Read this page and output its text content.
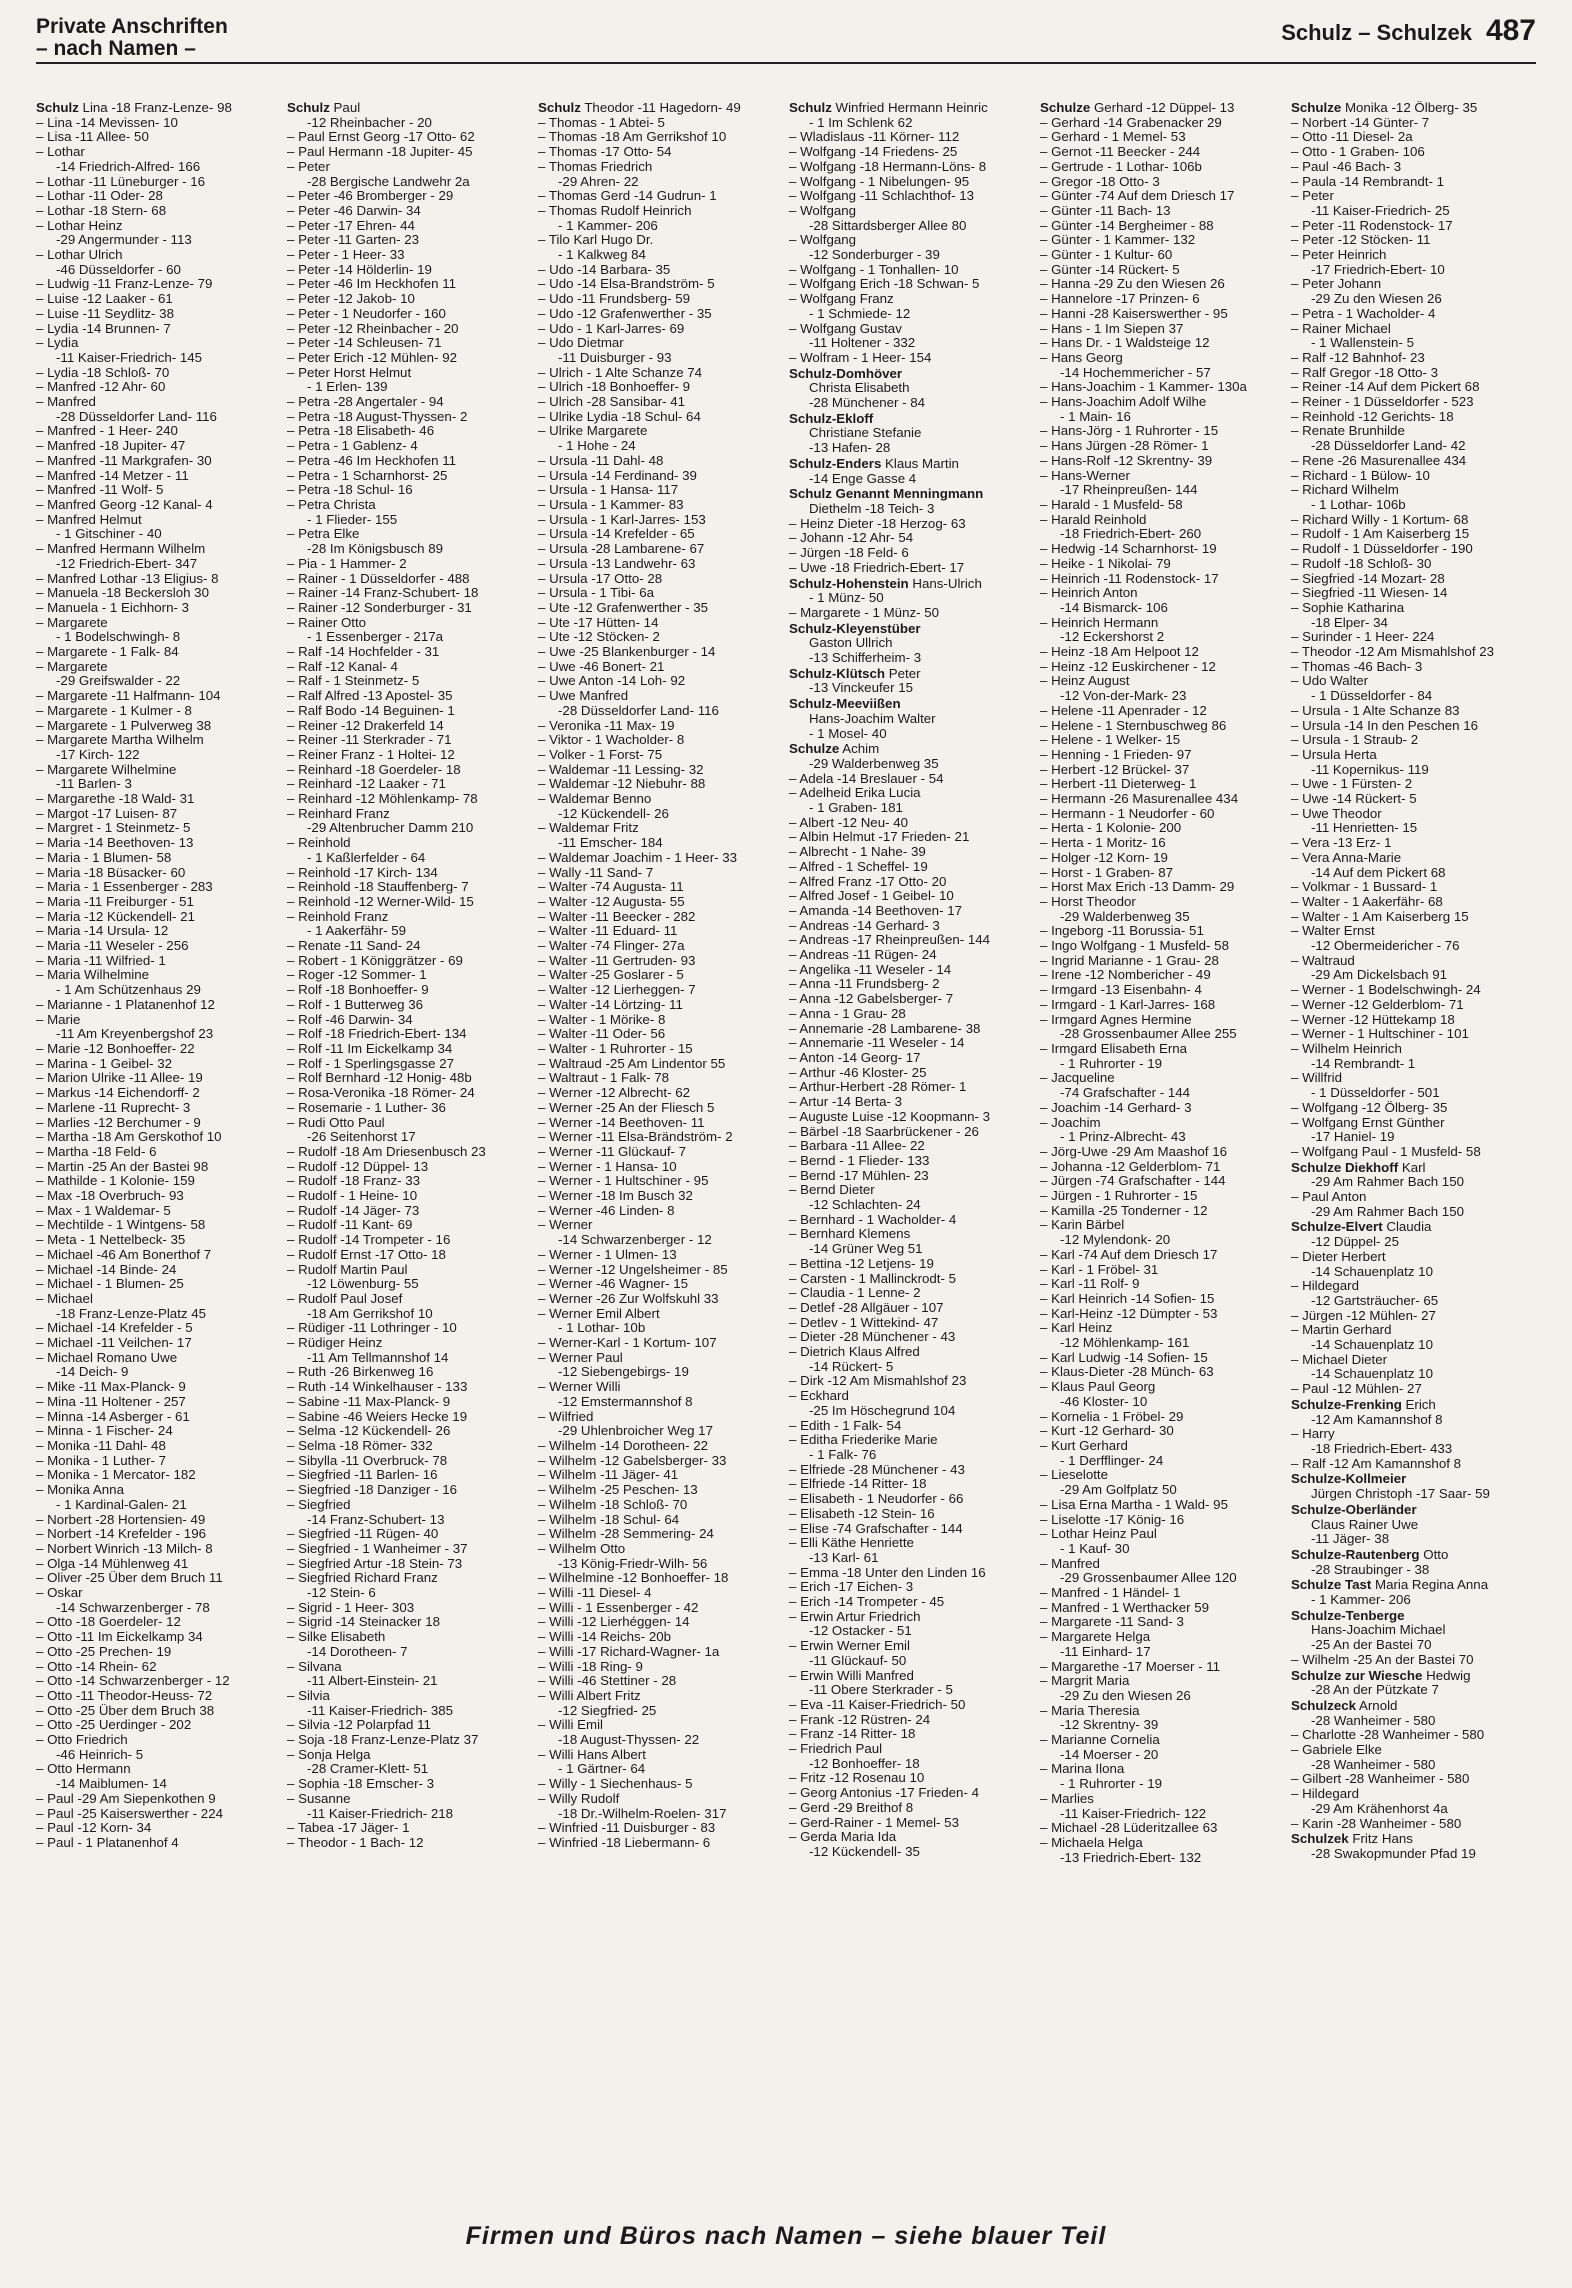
Private Anschriften
– nach Namen –
Schulz – Schulzek 487
Schulz Lina -18 Franz-Lenze- 98
– Lina -14 Mevissen- 10
– Lisa -11 Allee- 50
– Lothar
-14 Friedrich-Alfred- 166
– Lothar -11 Lüneburger - 16
– Lothar -11 Oder- 28
– Lothar -18 Stern- 68
– Lothar Heinz
-29 Angermunder - 113
– Lothar Ulrich
-46 Düsseldorfer - 60
– Ludwig -11 Franz-Lenze- 79
– Luise -12 Laaker - 61
– Luise -11 Seydlitz- 38
– Lydia -14 Brunnen- 7
– Lydia
-11 Kaiser-Friedrich- 145
– Lydia -18 Schloß- 70
– Manfred -12 Ahr- 60
– Manfred
-28 Düsseldorfer Land- 116
– Manfred - 1 Heer- 240
– Manfred -18 Jupiter- 47
– Manfred -11 Markgrafen- 30
– Manfred -14 Metzer - 11
– Manfred -11 Wolf- 5
– Manfred Georg -12 Kanal- 4
– Manfred Helmut
- 1 Gitschiner - 40
– Manfred Hermann Wilhelm
-12 Friedrich-Ebert- 347
– Manfred Lothar -13 Eligius- 8
– Manuela -18 Beckersloh 30
– Manuela - 1 Eichhorn- 3
– Margarete
- 1 Bodelschwingh- 8
– Margarete - 1 Falk- 84
– Margarete
-29 Greifswalder - 22
– Margarete -11 Halfmann- 104
– Margarete - 1 Kulmer - 8
– Margarete - 1 Pulverweg 38
– Margarete Martha Wilhelm
-17 Kirch- 122
– Margarete Wilhelmine
-11 Barlen- 3
– Margarethe -18 Wald- 31
– Margot -17 Luisen- 87
– Margret - 1 Steinmetz- 5
– Maria -14 Beethoven- 13
– Maria - 1 Blumen- 58
– Maria -18 Büsacker- 60
– Maria - 1 Essenberger - 283
– Maria -11 Freiburger - 51
– Maria -12 Kückendell- 21
– Maria -14 Ursula- 12
– Maria -11 Weseler - 256
– Maria -11 Wilfried- 1
– Maria Wilhelmine
- 1 Am Schützenhaus 29
– Marianne - 1 Platanenhof 12
– Marie
-11 Am Kreyenbergshof 23
– Marie -12 Bonhoeffer- 22
– Marina - 1 Geibel- 32
– Marion Ulrike -11 Allee- 19
– Markus -14 Eichendorff- 2
– Marlene -11 Ruprecht- 3
– Marlies -12 Berchumer - 9
– Martha -18 Am Gerskothof 10
– Martha -18 Feld- 6
– Martin -25 An der Bastei 98
– Mathilde - 1 Kolonie- 159
– Max -18 Overbruch- 93
– Max - 1 Waldemar- 5
– Mechtilde - 1 Wintgens- 58
– Meta - 1 Nettelbeck- 35
– Michael -46 Am Bonerthof 7
– Michael -14 Binde- 24
– Michael - 1 Blumen- 25
– Michael
-18 Franz-Lenze-Platz 45
– Michael -14 Krefelder - 5
– Michael -11 Veilchen- 17
– Michael Romano Uwe
-14 Deich- 9
– Mike -11 Max-Planck- 9
– Mina -11 Holtener - 257
– Minna -14 Asberger - 61
– Minna - 1 Fischer- 24
– Monika -11 Dahl- 48
– Monika - 1 Luther- 7
– Monika - 1 Mercator- 182
– Monika Anna
- 1 Kardinal-Galen- 21
– Norbert -28 Hortensien- 49
– Norbert -14 Krefelder - 196
– Norbert Winrich -13 Milch- 8
– Olga -14 Mühlenweg 41
– Oliver -25 Über dem Bruch 11
– Oskar
-14 Schwarzenberger - 78
– Otto -18 Goerdeler- 12
– Otto -11 Im Eickelkamp 34
– Otto -25 Prechen- 19
– Otto -14 Rhein- 62
– Otto -14 Schwarzenberger - 12
– Otto -11 Theodor-Heuss- 72
– Otto -25 Über dem Bruch 38
– Otto -25 Uerdinger - 202
– Otto Friedrich
-46 Heinrich- 5
– Otto Hermann
-14 Maiblumen- 14
– Paul -29 Am Siepenkothen 9
– Paul -25 Kaiserswerther - 224
– Paul -12 Korn- 34
– Paul - 1 Platanenhof 4
Schulz Paul
-12 Rheinbacher - 20
– Paul Ernst Georg -17 Otto- 62
– Paul Hermann -18 Jupiter- 45
– Peter
-28 Bergische Landwehr 2a
– Peter -46 Bromberger - 29
– Peter -46 Darwin- 34
– Peter -17 Ehren- 44
– Peter -11 Garten- 23
– Peter - 1 Heer- 33
– Peter -14 Hölderlin- 19
– Peter -46 Im Heckhofen 11
– Peter -12 Jakob- 10
– Peter - 1 Neudorfer - 160
– Peter -12 Rheinbacher - 20
– Peter -14 Schleusen- 71
– Peter Erich -12 Mühlen- 92
– Peter Horst Helmut
- 1 Erlen- 139
– Petra -28 Angertaler - 94
– Petra -18 August-Thyssen- 2
– Petra -18 Elisabeth- 46
– Petra - 1 Gablenz- 4
– Petra -46 Im Heckhofen 11
– Petra - 1 Scharnhorst- 25
– Petra -18 Schul- 16
– Petra Christa
- 1 Flieder- 155
– Petra Elke
-28 Im Königsbusch 89
– Pia - 1 Hammer- 2
– Rainer - 1 Düsseldorfer - 488
– Rainer -14 Franz-Schubert- 18
– Rainer -12 Sonderburger - 31
– Rainer Otto
- 1 Essenberger - 217a
– Ralf -14 Hochfelder - 31
– Ralf -12 Kanal- 4
– Ralf - 1 Steinmetz- 5
– Ralf Alfred -13 Apostel- 35
– Ralf Bodo -14 Beguinen- 1
– Reiner -12 Drakerfeld 14
– Reiner -11 Sterkrader - 71
– Reiner Franz - 1 Holtei- 12
– Reinhard -18 Goerdeler- 18
– Reinhard -12 Laaker - 71
– Reinhard -12 Möhlenkamp- 78
– Reinhard Franz
-29 Altenbrucher Damm 210
– Reinhold
- 1 Kaßlerfelder - 64
– Reinhold -17 Kirch- 134
– Reinhold -18 Stauffenberg- 7
– Reinhold -12 Werner-Wild- 15
– Reinhold Franz
- 1 Aakerfähr- 59
– Renate -11 Sand- 24
– Robert - 1 Königgrätzer - 69
– Roger -12 Sommer- 1
– Rolf -18 Bonhoeffer- 9
– Rolf - 1 Butterweg 36
– Rolf -46 Darwin- 34
– Rolf -18 Friedrich-Ebert- 134
– Rolf -11 Im Eickelkamp 34
– Rolf - 1 Sperlingsgasse 27
– Rolf Bernhard -12 Honig- 48b
– Rosa-Veronika -18 Römer- 24
– Rosemarie - 1 Luther- 36
– Rudi Otto Paul
-26 Seitenhorst 17
– Rudolf -18 Am Driesenbusch 23
– Rudolf -12 Düppel- 13
– Rudolf -18 Franz- 33
– Rudolf - 1 Heine- 10
– Rudolf -14 Jäger- 73
– Rudolf -11 Kant- 69
– Rudolf -14 Trompeter - 16
– Rudolf Ernst -17 Otto- 18
– Rudolf Martin Paul
-12 Löwenburg- 55
– Rudolf Paul Josef
-18 Am Gerrikshof 10
– Rüdiger -11 Lothringer - 10
– Rüdiger Heinz
-11 Am Tellmannshof 14
– Ruth -26 Birkenweg 16
– Ruth -14 Winkelhauser - 133
– Sabine -11 Max-Planck- 9
– Sabine -46 Weiers Hecke 19
– Selma -12 Kückendell- 26
– Selma -18 Römer- 332
– Sibylla -11 Overbruck- 78
– Siegfried -11 Barlen- 16
– Siegfried -18 Danziger - 16
– Siegfried
-14 Franz-Schubert- 13
– Siegfried -11 Rügen- 40
– Siegfried - 1 Wanheimer - 37
– Siegfried Artur -18 Stein- 73
– Siegfried Richard Franz
-12 Stein- 6
– Sigrid - 1 Heer- 303
– Sigrid -14 Steinacker 18
– Silke Elisabeth
-14 Dorotheen- 7
– Silvana
-11 Albert-Einstein- 21
– Silvia
-11 Kaiser-Friedrich- 385
– Silvia -12 Polarpfad 11
– Soja -18 Franz-Lenze-Platz 37
– Sonja Helga
-28 Cramer-Klett- 51
– Sophia -18 Emscher- 3
– Susanne
-11 Kaiser-Friedrich- 218
– Tabea -17 Jäger- 1
– Theodor - 1 Bach- 12
Schulz Theodor -11 Hagedorn- 49
– Thomas - 1 Abtei- 5
– Thomas -18 Am Gerrikshof 10
– Thomas -17 Otto- 54
– Thomas Friedrich
-29 Ahren- 22
– Thomas Gerd -14 Gudrun- 1
– Thomas Rudolf Heinrich
- 1 Kammer- 206
– Tilo Karl Hugo Dr.
- 1 Kalkweg 84
– Udo -14 Barbara- 35
– Udo -14 Elsa-Brandström- 5
– Udo -11 Frundsberg- 59
– Udo -12 Grafenwerther - 35
– Udo - 1 Karl-Jarres- 69
– Udo Dietmar
-11 Duisburger - 93
– Ulrich - 1 Alte Schanze 74
– Ulrich -18 Bonhoeffer- 9
– Ulrich -28 Sansibar- 41
– Ulrike Lydia -18 Schul- 64
– Ulrike Margarete
- 1 Hohe - 24
– Ursula -11 Dahl- 48
– Ursula -14 Ferdinand- 39
– Ursula - 1 Hansa- 117
– Ursula - 1 Kammer- 83
– Ursula - 1 Karl-Jarres- 153
– Ursula -14 Krefelder - 65
– Ursula -28 Lambarene- 67
– Ursula -13 Landwehr- 63
– Ursula -17 Otto- 28
– Ursula - 1 Tibi- 6a
– Ute -12 Grafenwerther - 35
– Ute -17 Hütten- 14
– Ute -12 Stöcken- 2
– Uwe -25 Blankenburger - 14
– Uwe -46 Bonert- 21
– Uwe Anton -14 Loh- 92
– Uwe Manfred
-28 Düsseldorfer Land- 116
– Veronika -11 Max- 19
– Viktor - 1 Wacholder- 8
– Volker - 1 Forst- 75
– Waldemar -11 Lessing- 32
– Waldemar -12 Niebuhr- 88
– Waldemar Benno
-12 Kückendell- 26
– Waldemar Fritz
-11 Emscher- 184
– Waldemar Joachim - 1 Heer- 33
– Wally -11 Sand- 7
– Walter -74 Augusta- 11
– Walter -12 Augusta- 55
– Walter -11 Beecker - 282
– Walter -11 Eduard- 11
– Walter -74 Flinger- 27a
– Walter -11 Gertruden- 93
– Walter -25 Goslarer - 5
– Walter -12 Lierheggen- 7
– Walter -14 Lörtzing- 11
– Walter - 1 Mörike- 8
– Walter -11 Oder- 56
– Walter - 1 Ruhrorter - 15
– Waltraud -25 Am Lindentor 55
– Waltraut - 1 Falk- 78
– Werner -12 Albrecht- 62
– Werner -25 An der Fliesch 5
– Werner -14 Beethoven- 11
– Werner -11 Elsa-Brändström- 2
– Werner -11 Glückauf- 7
– Werner - 1 Hansa- 10
– Werner - 1 Hultschiner - 95
– Werner -18 Im Busch 32
– Werner -46 Linden- 8
– Werner
-14 Schwarzenberger - 12
– Werner - 1 Ulmen- 13
– Werner -12 Ungelsheimer - 85
– Werner -46 Wagner- 15
– Werner -26 Zur Wolfskuhl 33
– Werner Emil Albert
- 1 Lothar- 10b
– Werner-Karl - 1 Kortum- 107
– Werner Paul
-12 Siebengebirgs- 19
– Werner Willi
-12 Emstermannshof 8
– Wilfried
-29 Uhlenbroicher Weg 17
– Wilhelm -14 Dorotheen- 22
– Wilhelm -12 Gabelsberger- 33
– Wilhelm -11 Jäger- 41
– Wilhelm -25 Peschen- 13
– Wilhelm -18 Schloß- 70
– Wilhelm -18 Schul- 64
– Wilhelm -28 Semmering- 24
– Wilhelm Otto
-13 König-Friedr-Wilh- 56
– Wilhelmine -12 Bonhoeffer- 18
– Willi -11 Diesel- 4
– Willi - 1 Essenberger - 42
– Willi -12 Lierhéggen- 14
– Willi -14 Reichs- 20b
– Willi -17 Richard-Wagner- 1a
– Willi -18 Ring- 9
– Willi -46 Stettiner - 28
– Willi Albert Fritz
-12 Siegfried- 25
– Willi Emil
-18 August-Thyssen- 22
– Willi Hans Albert
- 1 Gärtner- 64
– Willy - 1 Siechenhaus- 5
– Willy Rudolf
-18 Dr.-Wilhelm-Roelen- 317
– Winfried -11 Duisburger - 83
– Winfried -18 Liebermann- 6
Schulz Winfried Hermann Heinric
- 1 Im Schlenk 62
– Wladislaus -11 Körner- 112
– Wolfgang -14 Friedens- 25
– Wolfgang -18 Hermann-Löns- 8
– Wolfgang - 1 Nibelungen- 95
– Wolfgang -11 Schlachthof- 13
– Wolfgang
-28 Sittardsberger Allee 80
– Wolfgang
-12 Sonderburger - 39
– Wolfgang - 1 Tonhallen- 10
– Wolfgang Erich -18 Schwan- 5
– Wolfgang Franz
- 1 Schmiede- 12
– Wolfgang Gustav
-11 Holtener - 332
– Wolfram - 1 Heer- 154
Schulz-Domhöver
Christa Elisabeth
-28 Münchener - 84
Schulz-Ekloff
Christiane Stefanie
-13 Hafen- 28
Schulz-Enders Klaus Martin
-14 Enge Gasse 4
Schulz Genannt Menningmann
Diethelm -18 Teich- 3
– Heinz Dieter -18 Herzog- 63
– Johann -12 Ahr- 54
– Jürgen -18 Feld- 6
– Uwe -18 Friedrich-Ebert- 17
Schulz-Hohenstein Hans-Ulrich
- 1 Münz- 50
– Margarete - 1 Münz- 50
Schulz-Kleyenstüber
Gaston Ullrich
-13 Schifferheim- 3
Schulz-Klütsch Peter
-13 Vinckeufer 15
Schulz-Meeviißen
Hans-Joachim Walter
- 1 Mosel- 40
Schulze Achim
-29 Walderbenweg 35
– Adela -14 Breslauer - 54
– Adelheid Erika Lucia
- 1 Graben- 181
– Albert -12 Neu- 40
– Albin Helmut -17 Frieden- 21
– Albrecht - 1 Nahe- 39
– Alfred - 1 Scheffel- 19
– Alfred Franz -17 Otto- 20
– Alfred Josef - 1 Geibel- 10
– Amanda -14 Beethoven- 17
– Andreas -14 Gerhard- 3
– Andreas -17 Rheinpreußen- 144
– Andreas -11 Rügen- 24
– Angelika -11 Weseler - 14
– Anna -11 Frundsberg- 2
– Anna -12 Gabelsberger- 7
– Anna - 1 Grau- 28
– Annemarie -28 Lambarene- 38
– Annemarie -11 Weseler - 14
– Anton -14 Georg- 17
– Arthur -46 Kloster- 25
– Arthur-Herbert -28 Römer- 1
– Artur -14 Berta- 3
– Auguste Luise -12 Koopmann- 3
– Bärbel -18 Saarbrückener - 26
– Barbara -11 Allee- 22
– Bernd - 1 Flieder- 133
– Bernd -17 Mühlen- 23
– Bernd Dieter
-12 Schlachten- 24
– Bernhard - 1 Wacholder- 4
– Bernhard Klemens
-14 Grüner Weg 51
– Bettina -12 Letjens- 19
– Carsten - 1 Mallinckrodt- 5
– Claudia - 1 Lenne- 2
– Detlef -28 Allgäuer - 107
– Detlev - 1 Wittekind- 47
– Dieter -28 Münchener - 43
– Dietrich Klaus Alfred
-14 Rückert- 5
– Dirk -12 Am Mismahlshof 23
– Eckhard
-25 Im Höschegrund 104
– Edith - 1 Falk- 54
– Editha Friederike Marie
- 1 Falk- 76
– Elfriede -28 Münchener - 43
– Elfriede -14 Ritter- 18
– Elisabeth - 1 Neudorfer - 66
– Elisabeth -12 Stein- 16
– Elise -74 Grafschafter - 144
– Elli Käthe Henriette
-13 Karl- 61
– Emma -18 Unter den Linden 16
– Erich -17 Eichen- 3
– Erich -14 Trompeter - 45
– Erwin Artur Friedrich
-12 Ostacker - 51
– Erwin Werner Emil
-11 Glückauf- 50
– Erwin Willi Manfred
-11 Obere Sterkrader - 5
– Eva -11 Kaiser-Friedrich- 50
– Frank -12 Rüstren- 24
– Franz -14 Ritter- 18
– Friedrich Paul
-12 Bonhoeffer- 18
– Fritz -12 Rosenau 10
– Georg Antonius -17 Frieden- 4
– Gerd -29 Breithof 8
– Gerd-Rainer - 1 Memel- 53
– Gerda Maria Ida
-12 Kückendell- 35
Schulze Gerhard -12 Düppel- 13
– Gerhard -14 Grabenacker 29
– Gerhard - 1 Memel- 53
– Gernot -11 Beecker - 244
– Gertrude - 1 Lothar- 106b
– Gregor -18 Otto- 3
– Günter -74 Auf dem Driesch 17
– Günter -11 Bach- 13
– Günter -14 Bergheimer - 88
– Günter - 1 Kammer- 132
– Günter - 1 Kultur- 60
– Günter -14 Rückert- 5
– Hanna -29 Zu den Wiesen 26
– Hannelore -17 Prinzen- 6
– Hanni -28 Kaiserswerther - 95
– Hans - 1 Im Siepen 37
– Hans Dr. - 1 Waldsteige 12
– Hans Georg
-14 Hochemmericher - 57
– Hans-Joachim - 1 Kammer- 130a
– Hans-Joachim Adolf Wilhe
- 1 Main- 16
– Hans-Jörg - 1 Ruhrorter - 15
– Hans Jürgen -28 Römer- 1
– Hans-Rolf -12 Skrentny- 39
– Hans-Werner
-17 Rheinpreußen- 144
– Harald - 1 Musfeld- 58
– Harald Reinhold
-18 Friedrich-Ebert- 260
– Hedwig -14 Scharnhorst- 19
– Heike - 1 Nikolai- 79
– Heinrich -11 Rodenstock- 17
– Heinrich Anton
-14 Bismarck- 106
– Heinrich Hermann
-12 Eckershorst 2
– Heinz -18 Am Helpoot 12
– Heinz -12 Euskirchener - 12
– Heinz August
-12 Von-der-Mark- 23
– Helene -11 Apenrader - 12
– Helene - 1 Sternbuschweg 86
– Helene - 1 Welker- 15
– Henning - 1 Frieden- 97
– Herbert -12 Brückel- 37
– Herbert -11 Dieterweg- 1
– Hermann -26 Masurenallee 434
– Hermann - 1 Neudorfer - 60
– Herta - 1 Kolonie- 200
– Herta - 1 Moritz- 16
– Holger -12 Korn- 19
– Horst - 1 Graben- 87
– Horst Max Erich -13 Damm- 29
– Horst Theodor
-29 Walderbenweg 35
– Ingeborg -11 Borussia- 51
– Ingo Wolfgang - 1 Musfeld- 58
– Ingrid Marianne - 1 Grau- 28
– Irene -12 Nombericher - 49
– Irmgard -13 Eisenbahn- 4
– Irmgard - 1 Karl-Jarres- 168
– Irmgard Agnes Hermine
-28 Grossenbaumer Allee 255
– Irmgard Elisabeth Erna
- 1 Ruhrorter - 19
– Jacqueline
-74 Grafschafter - 144
– Joachim -14 Gerhard- 3
– Joachim
- 1 Prinz-Albrecht- 43
– Jörg-Uwe -29 Am Maashof 16
– Johanna -12 Gelderblom- 71
– Jürgen -74 Grafschafter - 144
– Jürgen - 1 Ruhrorter - 15
– Kamilla -25 Tonderner - 12
– Karin Bärbel
-12 Mylendonk- 20
– Karl -74 Auf dem Driesch 17
– Karl - 1 Fröbel- 31
– Karl -11 Rolf- 9
– Karl Heinrich -14 Sofien- 15
– Karl-Heinz -12 Dümpter - 53
– Karl Heinz
-12 Möhlenkamp- 161
– Karl Ludwig -14 Sofien- 15
– Klaus-Dieter -28 Münch- 63
– Klaus Paul Georg
-46 Kloster- 10
– Kornelia - 1 Fröbel- 29
– Kurt -12 Gerhard- 30
– Kurt Gerhard
- 1 Derfflinger- 24
– Lieselotte
-29 Am Golfplatz 50
– Lisa Erna Martha - 1 Wald- 95
– Liselotte -17 König- 16
– Lothar Heinz Paul
- 1 Kauf- 30
– Manfred
-29 Grossenbaumer Allee 120
– Manfred - 1 Händel- 1
– Manfred - 1 Werthacker 59
– Margarete -11 Sand- 3
– Margarete Helga
-11 Einhard- 17
– Margarethe -17 Moerser - 11
– Margrit Maria
-29 Zu den Wiesen 26
– Maria Theresia
-12 Skrentny- 39
– Marianne Cornelia
-14 Moerser - 20
– Marina Ilona
- 1 Ruhrorter - 19
– Marlies
-11 Kaiser-Friedrich- 122
– Michael -28 Lüderitzallee 63
– Michaela Helga
-13 Friedrich-Ebert- 132
Schulze Monika -12 Ölberg- 35
– Norbert -14 Günter- 7
– Otto -11 Diesel- 2a
– Otto - 1 Graben- 106
– Paul -46 Bach- 3
– Paula -14 Rembrandt- 1
– Peter
-11 Kaiser-Friedrich- 25
– Peter -11 Rodenstock- 17
– Peter -12 Stöcken- 11
– Peter Heinrich
-17 Friedrich-Ebert- 10
– Peter Johann
-29 Zu den Wiesen 26
– Petra - 1 Wacholder- 4
– Rainer Michael
- 1 Wallenstein- 5
– Ralf -12 Bahnhof- 23
– Ralf Gregor -18 Otto- 3
– Reiner -14 Auf dem Pickert 68
– Reiner - 1 Düsseldorfer - 523
– Reinhold -12 Gerichts- 18
– Renate Brunhilde
-28 Düsseldorfer Land- 42
– Rene -26 Masurenallee 434
– Richard - 1 Bülow- 10
– Richard Wilhelm
- 1 Lothar- 106b
– Richard Willy - 1 Kortum- 68
– Rudolf - 1 Am Kaiserberg 15
– Rudolf - 1 Düsseldorfer - 190
– Rudolf -18 Schloß- 30
– Siegfried -14 Mozart- 28
– Siegfried -11 Wiesen- 14
– Sophie Katharina
-18 Elper- 34
– Surinder - 1 Heer- 224
– Theodor -12 Am Mismahlshof 23
– Thomas -46 Bach- 3
– Udo Walter
- 1 Düsseldorfer - 84
– Ursula - 1 Alte Schanze 83
– Ursula -14 In den Peschen 16
– Ursula - 1 Straub- 2
– Ursula Herta
-11 Kopernikus- 119
– Uwe - 1 Fürsten- 2
– Uwe -14 Rückert- 5
– Uwe Theodor
-11 Henrietten- 15
– Vera -13 Erz- 1
– Vera Anna-Marie
-14 Auf dem Pickert 68
– Volkmar - 1 Bussard- 1
– Walter - 1 Aakerfähr- 68
– Walter - 1 Am Kaiserberg 15
– Walter Ernst
-12 Obermeidericher - 76
– Waltraud
-29 Am Dickelsbach 91
– Werner - 1 Bodelschwingh- 24
– Werner -12 Gelderblom- 71
– Werner -12 Hüttekamp 18
– Werner - 1 Hultschiner - 101
– Wilhelm Heinrich
-14 Rembrandt- 1
– Willfrid
- 1 Düsseldorfer - 501
– Wolfgang -12 Ölberg- 35
– Wolfgang Ernst Günther
-17 Haniel- 19
– Wolfgang Paul - 1 Musfeld- 58
Schulze Diekhoff Karl
-29 Am Rahmer Bach 150
– Paul Anton
-29 Am Rahmer Bach 150
Schulze-Elvert Claudia
-12 Düppel- 25
– Dieter Herbert
-14 Schauenplatz 10
– Hildegard
-12 Gartsträucher- 65
– Jürgen -12 Mühlen- 27
– Martin Gerhard
-14 Schauenplatz 10
– Michael Dieter
-14 Schauenplatz 10
– Paul -12 Mühlen- 27
Schulze-Frenking Erich
-12 Am Kamannshof 8
– Harry
-18 Friedrich-Ebert- 433
– Ralf -12 Am Kamannshof 8
Schulze-Kollmeier
Jürgen Christoph -17 Saar- 59
Schulze-Oberländer
Claus Rainer Uwe
-11 Jäger- 38
Schulze-Rautenberg Otto
-28 Straubinger - 38
Schulze Tast Maria Regina Anna
- 1 Kammer- 206
Schulze-Tenberge
Hans-Joachim Michael
-25 An der Bastei 70
– Wilhelm -25 An der Bastei 70
Schulze zur Wiesche Hedwig
-28 An der Pützkate 7
Schulzeck Arnold
-28 Wanheimer - 580
– Charlotte -28 Wanheimer - 580
– Gabriele Elke
-28 Wanheimer - 580
– Gilbert -28 Wanheimer - 580
– Hildegard
-29 Am Krähenhorst 4a
– Karin -28 Wanheimer - 580
Schulzek Fritz Hans
-28 Swakopmunder Pfad 19
Firmen und Büros nach Namen – siehe blauer Teil
